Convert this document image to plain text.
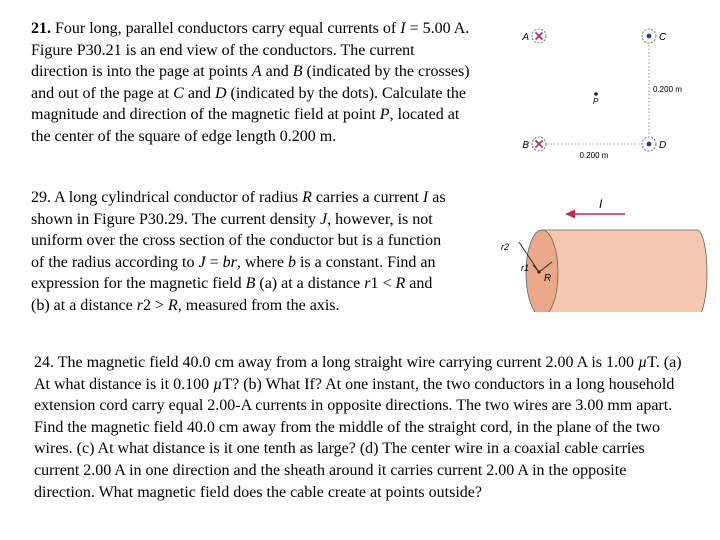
21. Four long, parallel conductors carry equal currents of I = 5.00 A. Figure P30.21 is an end view of the conductors. The current direction is into the page at points A and B (indicated by the crosses) and out of the page at C and D (indicated by the dots). Calculate the magnitude and direction of the magnetic field at point P, located at the center of the square of edge length 0.200 m.

29. A long cylindrical conductor of radius R carries a current I as shown in Figure P30.29. The current density J, however, is not uniform over the cross section of the conductor but is a function of the radius according to J = br, where b is a constant. Find an expression for the magnetic field B (a) at a distance r1 < R and (b) at a distance r2 > R, measured from the axis.

24. The magnetic field 40.0 cm away from a long straight wire carrying current 2.00 A is 1.00 µT. (a) At what distance is it 0.100 µT? (b) What If? At one instant, the two conductors in a long household extension cord carry equal 2.00-A currents in opposite directions. The two wires are 3.00 mm apart. Find the magnetic field 40.0 cm away from the middle of the straight cord, in the plane of the two wires. (c) At what distance is it one tenth as large? (d) The center wire in a coaxial cable carries current 2.00 A in one direction and the sheath around it carries current 2.00 A in the opposite direction. What magnetic field does the cable create at points outside?

A	C
P
0.200 m
B	D
0.200 m
I
r2
r1
R
